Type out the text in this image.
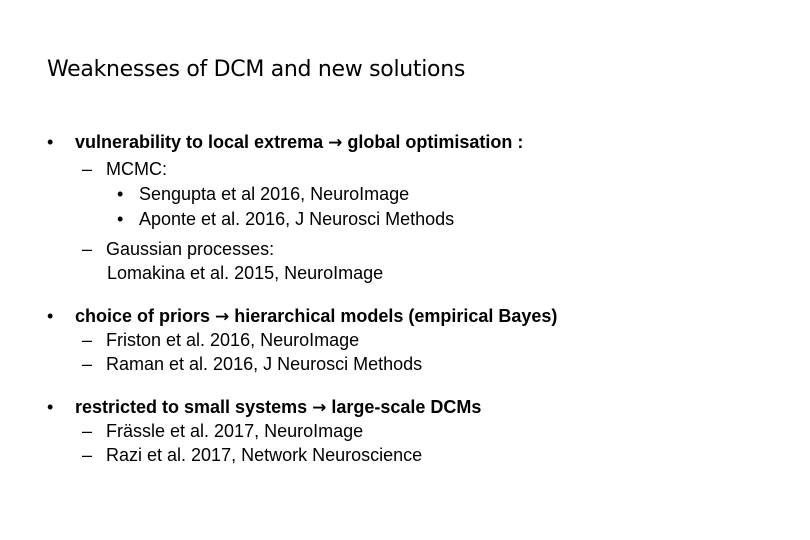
Weaknesses of DCM and new solutions
• vulnerability to local extrema → global optimisation :
– MCMC:
• Sengupta et al 2016, NeuroImage
• Aponte et al. 2016, J Neurosci Methods
– Gaussian processes:
Lomakina et al. 2015, NeuroImage
• choice of priors → hierarchical models (empirical Bayes)
– Friston et al. 2016, NeuroImage
– Raman et al. 2016, J Neurosci Methods
• restricted to small systems → large-scale DCMs
– Frässle et al. 2017, NeuroImage
– Razi et al. 2017, Network Neuroscience
